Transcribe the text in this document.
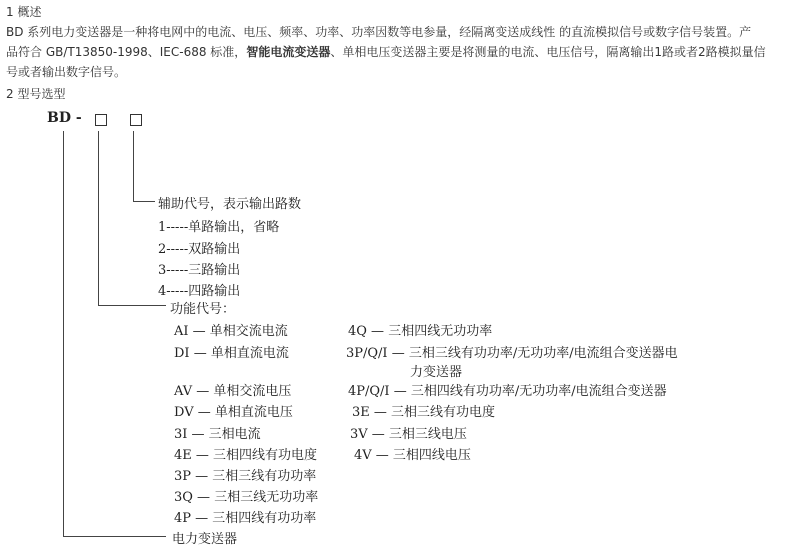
1 概述

BD 系列电力变送器是一种将电网中的电流、电压、频率、功率、功率因数等电参量，经隔离变送成线性 的直流模拟信号或数字信号装置。产

品符合 GB/T13850-1998、IEC-688 标准，智能电流变送器、单相电压变送器主要是将测量的电流、电压信号，隔离输出1路或者2路模拟量信

号或者输出数字信号。

2 型号选型

BD -
辅助代号，表示输出路数
1-----单路输出，省略
2-----双路输出
3-----三路输出
4-----四路输出
功能代号：
AI — 单相交流电流
DI — 单相直流电流
AV — 单相交流电压
DV — 单相直流电压
3I — 三相电流
4E — 三相四线有功电度
3P — 三相三线有功功率
3Q — 三相三线无功功率
4P — 三相四线有功功率
4Q — 三相四线无功功率
3P/Q/I — 三相三线有功功率/无功功率/电流组合变送器电
力变送器
4P/Q/I — 三相四线有功功率/无功功率/电流组合变送器
3E — 三相三线有功电度
3V — 三相三线电压
4V — 三相四线电压
电力变送器
